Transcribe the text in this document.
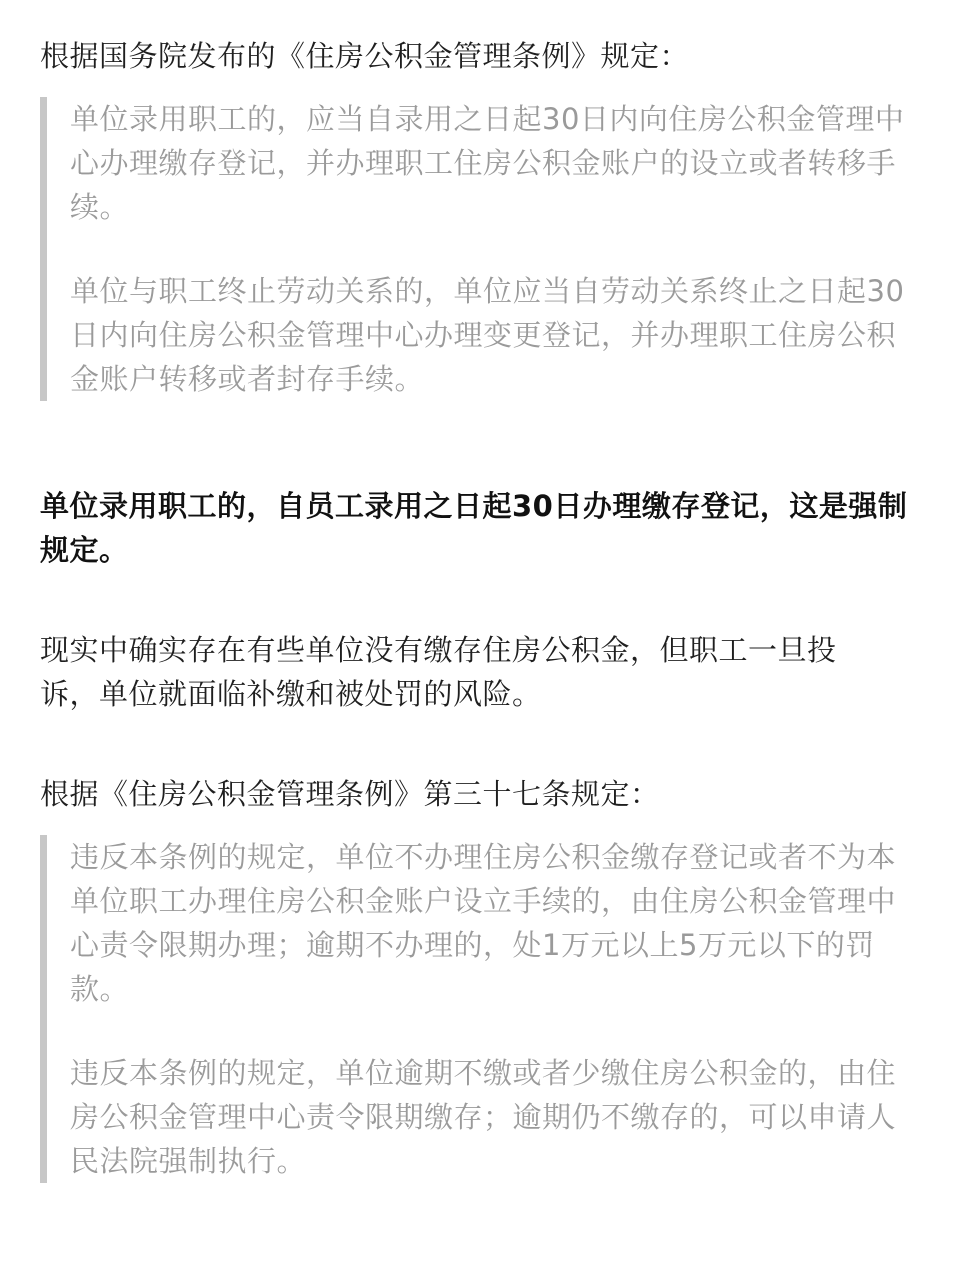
根据国务院发布的《住房公积金管理条例》规定：

单位录用职工的，应当自录用之日起30日内向住房公积金管理中心办理缴存登记，并办理职工住房公积金账户的设立或者转移手续。

单位与职工终止劳动关系的，单位应当自劳动关系终止之日起30日内向住房公积金管理中心办理变更登记，并办理职工住房公积金账户转移或者封存手续。

单位录用职工的，自员工录用之日起30日办理缴存登记，这是强制规定。
现实中确实存在有些单位没有缴存住房公积金，但职工一旦投诉，单位就面临补缴和被处罚的风险。
根据《住房公积金管理条例》第三十七条规定：

违反本条例的规定，单位不办理住房公积金缴存登记或者不为本单位职工办理住房公积金账户设立手续的，由住房公积金管理中心责令限期办理；逾期不办理的，处1万元以上5万元以下的罚款。

违反本条例的规定，单位逾期不缴或者少缴住房公积金的，由住房公积金管理中心责令限期缴存；逾期仍不缴存的，可以申请人民法院强制执行。
